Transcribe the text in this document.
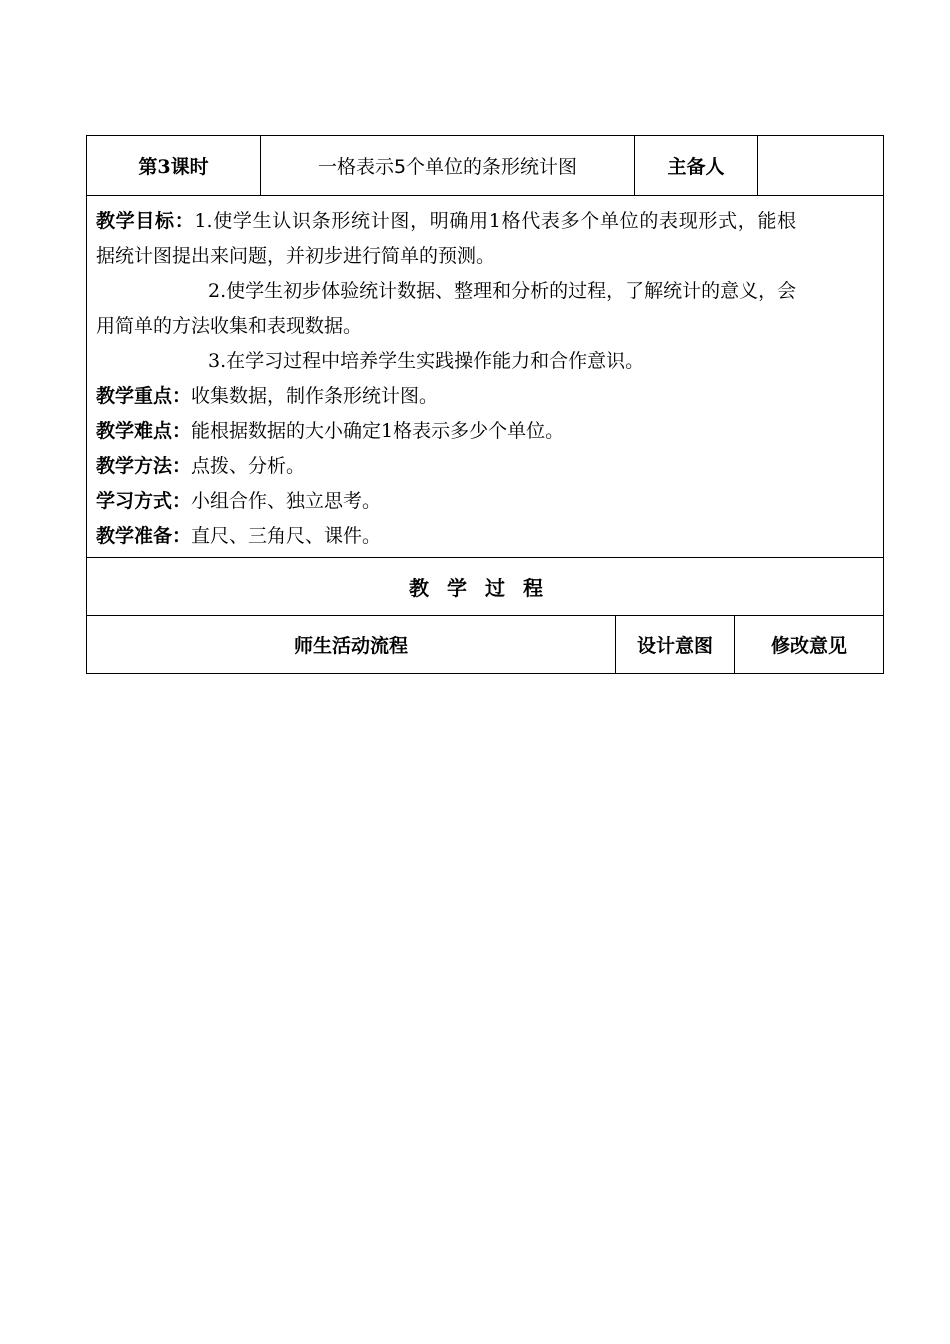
第3课时	一格表示5个单位的条形统计图	主备人
教学目标：1.使学生认识条形统计图，明确用1格代表多个单位的表现形式，能根
据统计图提出来问题，并初步进行简单的预测。
2.使学生初步体验统计数据、整理和分析的过程，了解统计的意义，会
用简单的方法收集和表现数据。
3.在学习过程中培养学生实践操作能力和合作意识。
教学重点：收集数据，制作条形统计图。
教学难点：能根据数据的大小确定1格表示多少个单位。
教学方法：点拨、分析。
学习方式：小组合作、独立思考。
教学准备：直尺、三角尺、课件。
教学过程
师生活动流程	设计意图	修改意见
